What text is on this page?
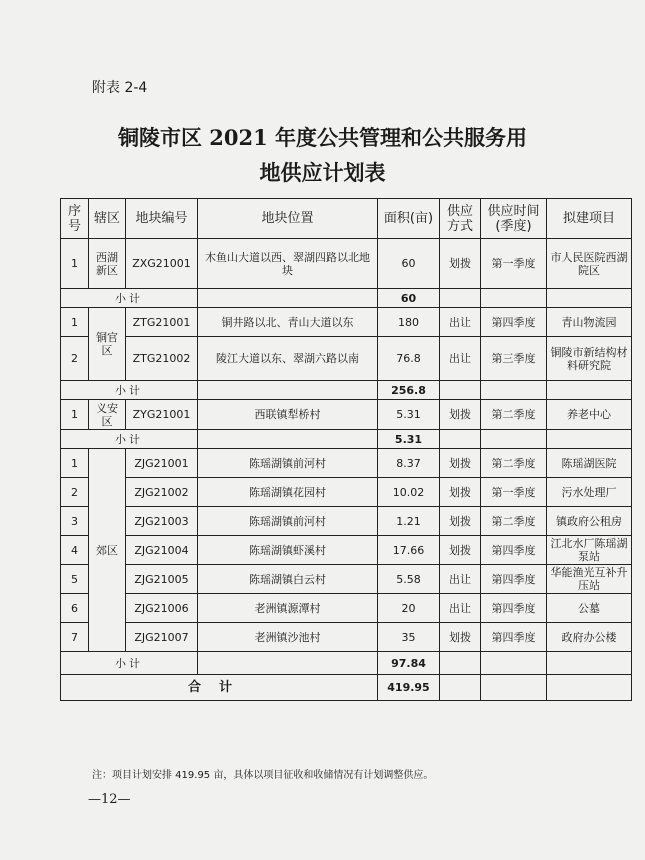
附表 2-4
铜陵市区 2021 年度公共管理和公共服务用
地供应计划表
序号	辖区	地块编号	地块位置	面积(亩)	供应方式	供应时间(季度)	拟建项目
1	西湖新区	ZXG21001	木鱼山大道以西、翠湖四路以北地块	60	划拨	第一季度	市人民医院西湖院区
小计				60			
1	铜官区	ZTG21001	铜井路以北、青山大道以东	180	出让	第四季度	青山物流园
2		ZTG21002	陵江大道以东、翠湖六路以南	76.8	出让	第三季度	铜陵市新结构材料研究院
小计				256.8			
1	义安区	ZYG21001	西联镇犁桥村	5.31	划拨	第二季度	养老中心
小计				5.31			
1	郊区	ZJG21001	陈瑶湖镇前河村	8.37	划拨	第二季度	陈瑶湖医院
2		ZJG21002	陈瑶湖镇花园村	10.02	划拨	第一季度	污水处理厂
3		ZJG21003	陈瑶湖镇前河村	1.21	划拨	第二季度	镇政府公租房
4		ZJG21004	陈瑶湖镇虾溪村	17.66	划拨	第四季度	江北水厂陈瑶湖泵站
5		ZJG21005	陈瑶湖镇白云村	5.58	出让	第四季度	华能渔光互补升压站
6		ZJG21006	老洲镇源潭村	20	出让	第四季度	公墓
7		ZJG21007	老洲镇沙池村	35	划拨	第四季度	政府办公楼
小计				97.84			
合计				419.95			
注：项目计划安排 419.95 亩，具体以项目征收和收储情况有计划调整供应。
—12—
